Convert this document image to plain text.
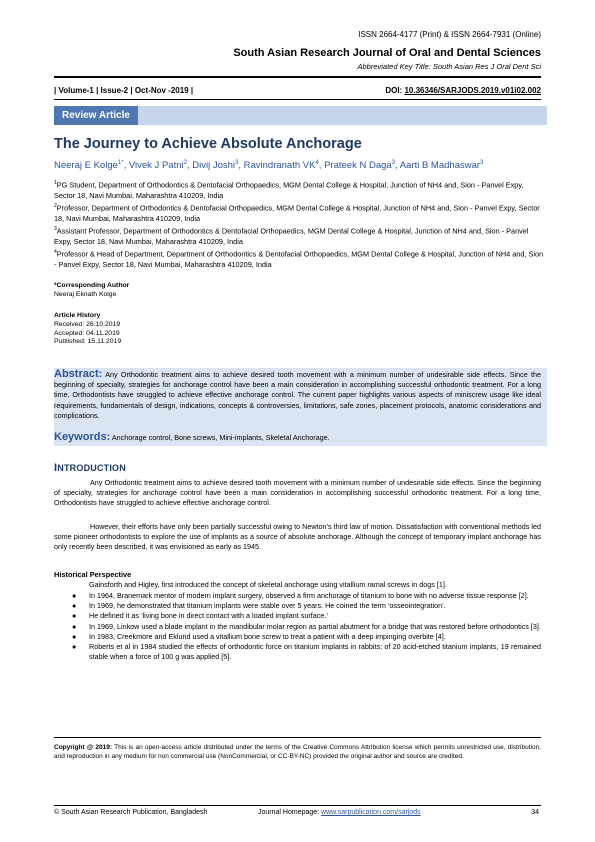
ISSN 2664-4177 (Print) & ISSN 2664-7931 (Online)
South Asian Research Journal of Oral and Dental Sciences
Abbreviated Key Title: South Asian Res J Oral Dent Sci
| Volume-1 | Issue-2 | Oct-Nov -2019 |	DOI: 10.36346/SARJODS.2019.v01i02.002
Review Article
The Journey to Achieve Absolute Anchorage
Neeraj E Kolge$^{1*}$, Vivek J Patni$^2$, Divij Joshi$^3$, Ravindranath $VK^4$, Prateek N Daga$^3$, Aarti B Madhaswar$^3$

$^1$PG Student, Department of Orthodontics & Dentofacial Orthopaedics, MGM Dental College & Hospital, Junction of NH4 and, Sion - Panvel Expy, Sector 18, Navi Mumbai, Maharashtra 410209, India

$^2$Professor, Department of Orthodontics & Dentofacial Orthopaedics, MGM Dental College & Hospital, Junction of NH4 and, Sion - Panvel Expy, Sector 18, Navi Mumbai, Maharashtra 410209, India

$^3$Assistant Professor, Department of Orthodontics & Dentofacial Orthopaedics, MGM Dental College & Hospital, Junction of NH4 and, Sion - Panvel Expy, Sector 18, Navi Mumbai, Maharashtra 410209, India

$^4$Professor & Head of Department, Department of Orthodontics & Dentofacial Orthopaedics, MGM Dental College & Hospital, Junction of NH4 and, Sion - Panvel Expy, Sector 18, Navi Mumbai, Maharashtra 410209, India

*Corresponding Author
Neeraj Eknath Kolge
Article History
Received: 26.10.2019
Accepted: 04.11.2019
Published: 15.11.2019
Abstract: Any Orthodontic treatment aims to achieve desired tooth movement with a minimum number of undesirable side effects. Since the beginning of specialty, strategies for anchorage control have been a main consideration in accomplishing successful orthodontic treatment. For a long time, Orthodontists have struggled to achieve effective anchorage control. The current paper highlights various aspects of miniscrew usage like ideal requirements, fundamentals of design, indications, concepts & controversies, limitations, safe zones, placement protocols, anatomic considerations and complications.
Keywords: Anchorage control, Bone screws, Mini-implants, Skeletal Anchorage.
INTRODUCTION
Any Orthodontic treatment aims to achieve desired tooth movement with a minimum number of undesirable side effects. Since the beginning of specialty, strategies for anchorage control have been a main consideration in accomplishing successful orthodontic treatment. For a long time, Orthodontists have struggled to achieve effective anchorage control.
However, their efforts have only been partially successful owing to Newton’s third law of motion. Dissatisfaction with conventional methods led some pioneer orthodontists to explore the use of implants as a source of absolute anchorage. Although the concept of temporary implant anchorage has only recently been described, it was envisioned as early as 1945.
Historical Perspective
Gainsforth and Higley, first introduced the concept of skeletal anchorage using vitallium ramal screws in dogs [1].
● In 1964, Branemark mentor of modern implant surgery, observed a firm anchorage of titanium to bone with no adverse tissue response [2].
● In 1969, he demonstrated that titanium implants were stable over 5 years. He coined the term ‘osseointegration’.
● He defined it as ‘living bone in direct contact with a loaded implant surface.’
● In 1969, Linkow used a blade implant in the mandibular molar region as partial abutment for a bridge that was restored before orthodontics [3].
● In 1983, Creekmore and Eklund used a vitallium bone screw to treat a patient with a deep impinging overbite [4].
● Roberts et al in 1984 studied the effects of orthodontic force on titanium implants in rabbits; of 20 acid-etched titanium implants, 19 remained stable when a force of 100 g was applied [5].
Copyright @ 2019: This is an open-access article distributed under the terms of the Creative Commons Attribution license which permits unrestricted use, distribution, and reproduction in any medium for non commercial use (NonCommercial, or CC-BY-NC) provided the original author and source are credited.
© South Asian Research Publication, Bangladesh	Journal Homepage: www.sarpublication.com/sarjods	34
